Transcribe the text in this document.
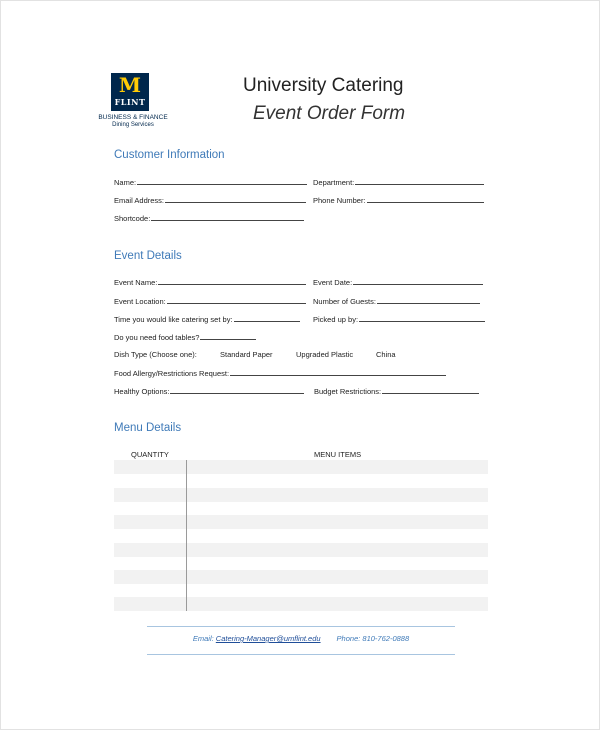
M
FLINT
BUSINESS & FINANCE
Dining Services
University Catering
Event Order Form
Customer Information
Name:	Department:
Email Address:	Phone Number:
Shortcode:
Event Details
Event Name:	Event Date:
Event Location:	Number of Guests:
Time you would like catering set by:	Picked up by:
Do you need food tables?
Dish Type (Choose one):	Standard Paper	Upgraded Plastic	China
Food Allergy/Restrictions Request:
Healthy Options:	Budget Restrictions:
Menu Details
QUANTITY	MENU ITEMS
Email: Catering-Manager@umflint.edu Phone: 810-762-0888
